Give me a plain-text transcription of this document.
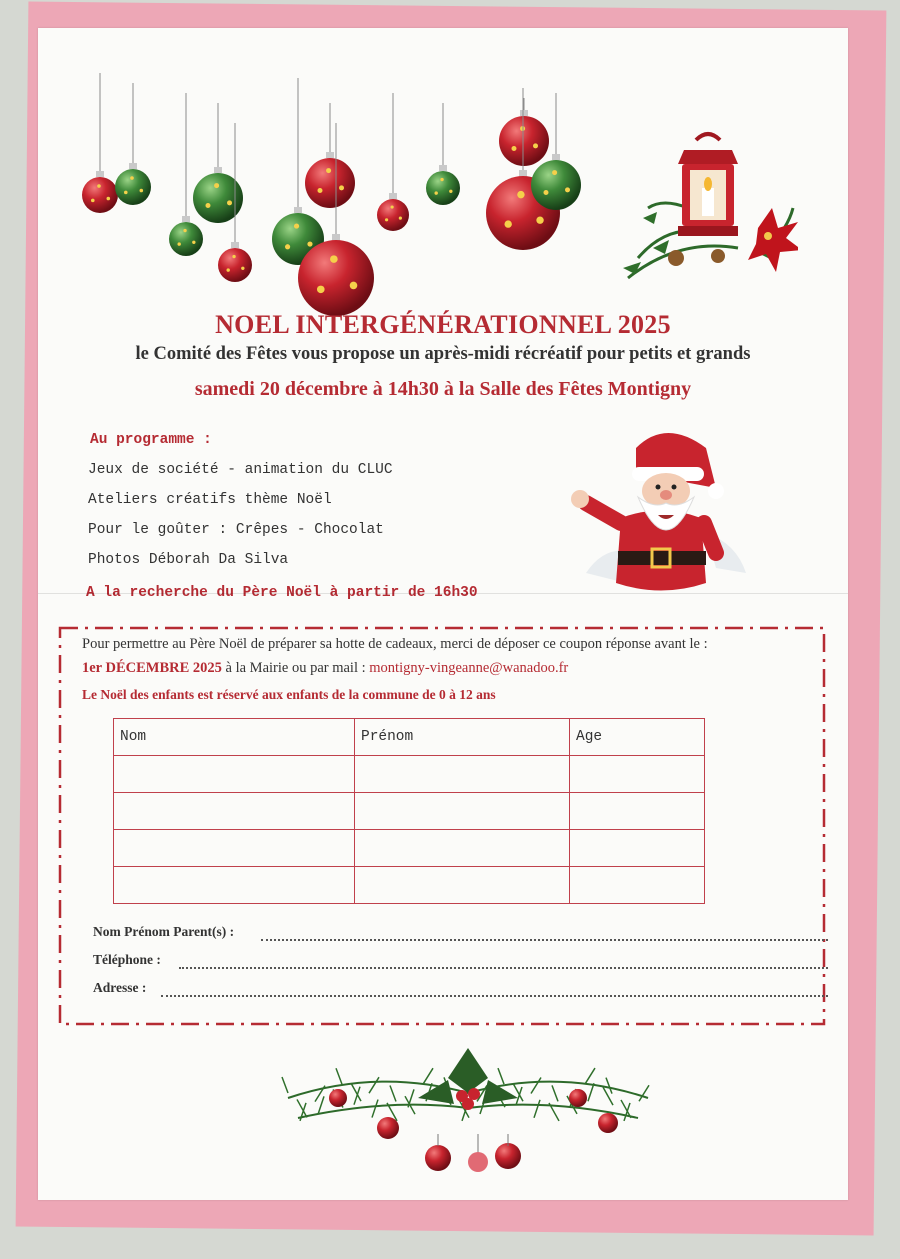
NOEL INTERGÉNÉRATIONNEL 2025
le Comité des Fêtes vous propose un après-midi récréatif pour petits et grands
samedi 20 décembre à 14h30 à la Salle des Fêtes Montigny
Au programme :
Jeux de société - animation du CLUC
Ateliers créatifs thème Noël
Pour le goûter : Crêpes - Chocolat
Photos Déborah Da Silva
A la recherche du Père Noël à partir de 16h30
Pour permettre au Père Noël de préparer sa hotte de cadeaux, merci de déposer ce coupon réponse avant le :
1er DÉCEMBRE 2025 à la Mairie ou par mail : montigny-vingeanne@wanadoo.fr
Le Noël des enfants est réservé aux enfants de la commune de 0 à 12 ans
Nom	Prénom	Age

Nom Prénom Parent(s) :
Téléphone :
Adresse :
